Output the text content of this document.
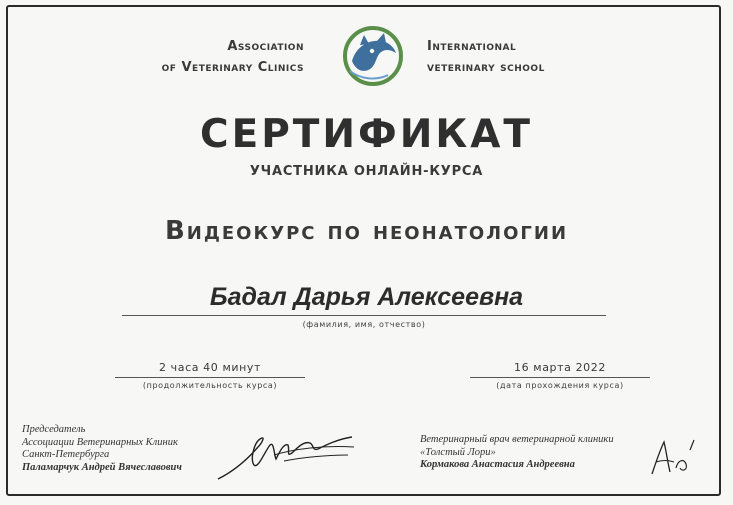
Association
of Veterinary Clinics
International
veterinary school
СЕРТИФИКАТ
УЧАСТНИКА ОНЛАЙН-КУРСА
Видеокурс по неонатологии
Бадал Дарья Алексеевна
(фамилия, имя, отчество)
2 часа 40 минут
(продолжительность курса)
16 марта 2022
(дата прохождения курса)
Председатель
Ассоциации Ветеринарных Клиник
Санкт-Петербурга
Паламарчук Андрей Вячеславович
Ветеринарный врач ветеринарной клиники
«Толстый Лори»
Кормакова Анастасия Андреевна
